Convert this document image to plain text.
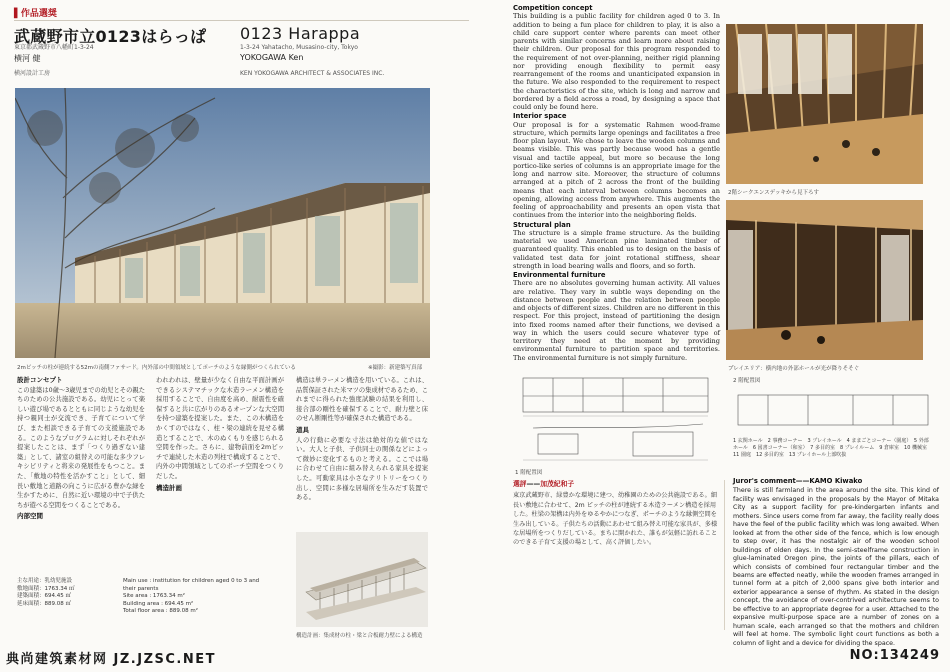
▌作品選奨
武蔵野市立0123はらっぱ
東京都武蔵野市八幡町1-3-24
横河 健
横河設計工房
0123 Harappa
1-3-24 Yahatacho, Musasino-city, Tokyo
YOKOGAWA Ken
KEN YOKOGAWA ARCHITECT & ASSOCIATES INC.
2mピッチの柱が連続する52mの南側ファサード。内外部の中間領域としてポーチのような縁側がつくられている	※撮影：新建築写真部
設計コンセプト

この建築は0歳〜3歳児までの幼児とその親たちのための公共施設である。幼児にとって楽しい遊び場であるとともに同じような幼児を持つ親同士が交流でき、子育てについて学び、また相談できる子育ての支援施設である。このようなプログラムに対しそれぞれが提案したことは、まず「つくり過ぎない建築」として、諸室の組替えの可能な多少フレキシビリティと将来の発展性をもつこと。また、「敷地の特性を活かすこと」として、細長い敷地と道路の向こうに広がる豊かな緑を生かすために、自然に近い環境の中で子供たちが遊べる空間をつくることである。

内部空間

われわれは、壁量が少なく自由な平面計画ができるシステマチックな木造ラーメン構造を採用することで、自由度を高め、耐震性を確保すると共に広がりのあるオープンな大空間を持つ建築を提案した。また、この木構造をかくすのではなく、柱・梁の連続を見せる構造とすることで、木のぬくもりを感じられる空間を作った。さらに、建物前面を2mピッチで連続した木造の列柱で構成することで、内外の中間領域としてのポーチ空間をつくりだした。

構造計画

構造は単ラーメン構造を用いている。これは、品質保証された米マツの集成材であるため、これまでに得られた強度試験の結果を利用し、接合部の剛性を確保することで、耐力壁と床のせん断剛性等が確保された構造である。

道具

人の行動に必要な寸法は絶対的な値ではない。大人と子供、子供同士の関係などによって微妙に変化するものと考える。ここでは場に合わせて自由に組み替えられる家具を提案した。可動家具は小さなテリトリーをつくり出し、空間に多様な居場所を生みだす装置である。

主な用途：乳幼児施設
敷地面積：1763.34 ㎡
建築面積：694.45 ㎡
延床面積：889.08 ㎡
Main use : institution for children aged 0 to 3 and their parents
Site area : 1763.34 m²
Building area : 694.45 m²
Total floor area : 889.08 m²
構造計画：集成材の柱・梁と合板耐力壁による構造
Competition concept

This building is a public facility for children aged 0 to 3. In addition to being a fun place for children to play, it is also a child care support center where parents can meet other parents with similar concerns and learn more about raising their children. Our proposal for this program responded to the requirement of not over-planning, neither rigid planning nor providing enough flexibility to permit easy rearrangement of the rooms and unanticipated expansion in the future. We also responded to the requirement to respect the characteristics of the site, which is long and narrow and bordered by a field across a road, by designing a space that could only be found here.

Interior space

Our proposal is for a systematic Rahmen wood-frame structure, which permits large openings and facilitates a free floor plan layout. We chose to leave the wooden columns and beams visible. This was partly because wood has a gentle visual and tactile appeal, but more so because the long portico-like series of columns is an appropriate image for the long and narrow site. Moreover, the structure of columns arranged at a pitch of 2 across the front of the building means that each interval between columns becomes an opening, allowing access from anywhere. This augments the feeling of approachability and presents an open vista that continues from the interior into the neighboring fields.

Structural plan

The structure is a simple frame structure. As the building material we used American pine laminated timber of guaranteed quality. This enabled us to design on the basis of validated test data for joint rotational stiffness, shear strength in load bearing walls and floors, and so forth.

Environmental furniture

There are no absolutes governing human activity. All values are relative. They vary in subtle ways depending on the distance between people and the relation between people and objects of different sizes. Children are no different in this respect. For this project, instead of partitioning the design into fixed rooms named after their functions, we devised a way in which the users could secure whatever type of territory they need at the moment by providing environmental furniture to partition space and territories. The environmental furniture is not simply furniture.

2階シークエンスデッキから見下ろす
プレイエリア：横内地の外部ホールが光が降りそそぐ
1 階配置図
2 階配置図
1 玄関ホール　2 事務コーナー　3 プレイホール　4 ままごとコーナー（園庭）　5 外部ホール　6 図書コーナー（和室）　7 多目的室　8 プレイルーム　9 倉庫室　10 機械室　11 園庭　12 多目的室　13 プレイホール上部吹抜
選評——加茂紀和子
東京武蔵野市、緑豊かな環境に建つ、幼稚園のための公共施設である。細長い敷地に合わせて、2m ピッチの柱が連続する木造ラーメン構造を採用した。柱梁の架構は内外をゆるやかにつなぎ、ポーチのような縁側空間を生み出している。子供たちの活動にあわせて組み替え可能な家具が、多様な居場所をつくりだしている。まちに開かれた、誰もが気軽に訪れることのできる子育て支援の場として、高く評価したい。
Juror's comment——KAMO Kiwako
There is still farmland in the area around the site. This kind of facility was envisaged in the proposals by the Mayor of Mitaka City as a support facility for pre-kindergarten infants and mothers. Since users come from far away, the facility really does have the feel of the public facility which was long awaited. When looked at from the other side of the fence, which is low enough to step over, it has the nostalgic air of the wooden school buildings of olden days. In the semi-steelframe construction in glue-laminated Oregon pine, the joints of the pillars, each of which consists of combined four rectangular timber and the beams are effected neatly, while the wooden frames arranged in tunnel form at a pitch of 2,000 spans give both interior and exterior appearance a sense of rhythm. As stated in the design concept, the avoidance of over-contrived architecture seems to be effective to an appropriate degree for a user. Attached to the expansive multi-purpose space are a number of zones on a human scale, each arranged so that the mothers and children will feel at home. The symbolic light court functions as both a column of light and a device for dividing the space.
典尚建筑素材网 JZ.JZSC.NET	NO:134249
